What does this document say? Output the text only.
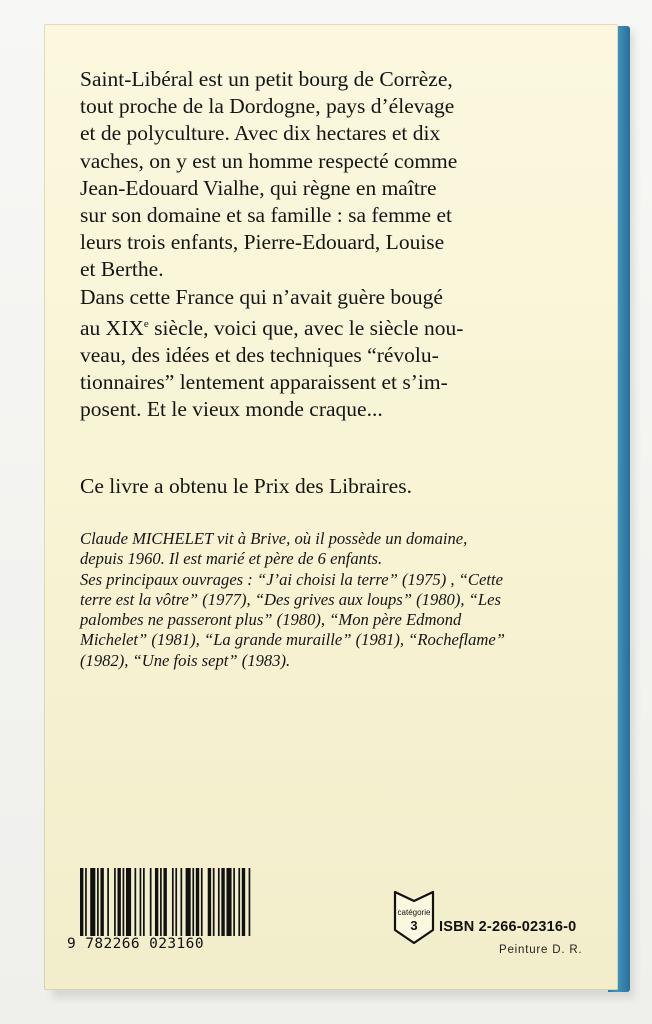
Saint-Libéral est un petit bourg de Corrèze,
tout proche de la Dordogne, pays d’élevage
et de polyculture. Avec dix hectares et dix
vaches, on y est un homme respecté comme
Jean-Edouard Vialhe, qui règne en maître
sur son domaine et sa famille : sa femme et
leurs trois enfants, Pierre-Edouard, Louise
et Berthe.
Dans cette France qui n’avait guère bougé
au XIXe siècle, voici que, avec le siècle nou-
veau, des idées et des techniques “révolu-
tionnaires” lentement apparaissent et s’im-
posent. Et le vieux monde craque...

Ce livre a obtenu le Prix des Libraires.

Claude MICHELET vit à Brive, où il possède un domaine,
depuis 1960. Il est marié et père de 6 enfants.
Ses principaux ouvrages : “J’ai choisi la terre” (1975) , “Cette
terre est la vôtre” (1977), “Des grives aux loups” (1980), “Les
palombes ne passeront plus” (1980), “Mon père Edmond
Michelet” (1981), “La grande muraille” (1981), “Rocheflame”
(1982), “Une fois sept” (1983).

9 782266 023160
catégorie
3	ISBN 2-266-02316-0
Peinture D. R.
